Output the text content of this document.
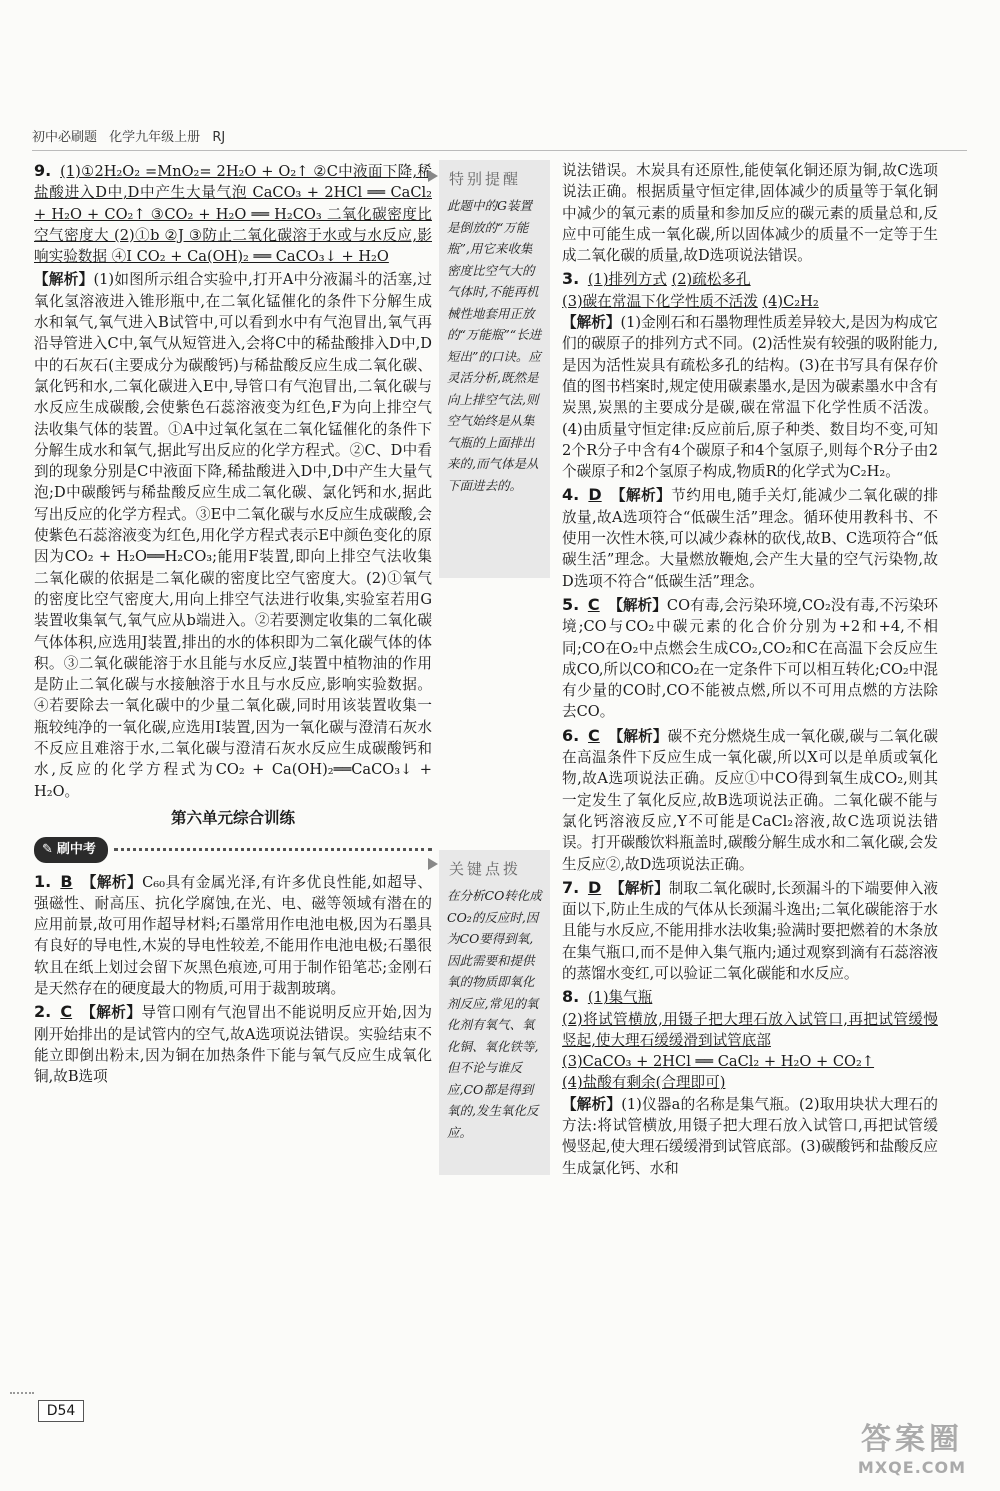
初中必刷题 化学九年级上册 RJ
9. (1)①2H₂O₂ =MnO₂= 2H₂O + O₂↑ ②C中液面下降,稀盐酸进入D中,D中产生大量气泡 CaCO₃ + 2HCl ══ CaCl₂ + H₂O + CO₂↑ ③CO₂ + H₂O ══ H₂CO₃ 二氧化碳密度比空气密度大 (2)①b ②J ③防止二氧化碳溶于水或与水反应,影响实验数据 ④I CO₂ + Ca(OH)₂ ══ CaCO₃↓ + H₂O
【解析】(1)如图所示组合实验中,打开A中分液漏斗的活塞,过氧化氢溶液进入锥形瓶中,在二氧化锰催化的条件下分解生成水和氧气,氧气进入B试管中,可以看到水中有气泡冒出,氧气再沿导管进入C中,氧气从短管进入,会将C中的稀盐酸排入D中,D中的石灰石(主要成分为碳酸钙)与稀盐酸反应生成二氧化碳、氯化钙和水,二氧化碳进入E中,导管口有气泡冒出,二氧化碳与水反应生成碳酸,会使紫色石蕊溶液变为红色,F为向上排空气法收集气体的装置。①A中过氧化氢在二氧化锰催化的条件下分解生成水和氧气,据此写出反应的化学方程式。②C、D中看到的现象分别是C中液面下降,稀盐酸进入D中,D中产生大量气泡;D中碳酸钙与稀盐酸反应生成二氧化碳、氯化钙和水,据此写出反应的化学方程式。③E中二氧化碳与水反应生成碳酸,会使紫色石蕊溶液变为红色,用化学方程式表示E中颜色变化的原因为CO₂ + H₂O══H₂CO₃;能用F装置,即向上排空气法收集二氧化碳的依据是二氧化碳的密度比空气密度大。(2)①氧气的密度比空气密度大,用向上排空气法进行收集,实验室若用G装置收集氧气,氧气应从b端进入。②若要测定收集的二氧化碳气体体积,应选用J装置,排出的水的体积即为二氧化碳气体的体积。③二氧化碳能溶于水且能与水反应,J装置中植物油的作用是防止二氧化碳与水接触溶于水且与水反应,影响实验数据。④若要除去一氧化碳中的少量二氧化碳,同时用该装置收集一瓶较纯净的一氧化碳,应选用I装置,因为一氧化碳与澄清石灰水不反应且难溶于水,二氧化碳与澄清石灰水反应生成碳酸钙和水,反应的化学方程式为CO₂ + Ca(OH)₂══CaCO₃↓ + H₂O。
第六单元综合训练
✎ 刷中考
1. B 【解析】C₆₀具有金属光泽,有许多优良性能,如超导、强磁性、耐高压、抗化学腐蚀,在光、电、磁等领域有潜在的应用前景,故可用作超导材料;石墨常用作电池电极,因为石墨具有良好的导电性,木炭的导电性较差,不能用作电池电极;石墨很软且在纸上划过会留下灰黑色痕迹,可用于制作铅笔芯;金刚石是天然存在的硬度最大的物质,可用于裁割玻璃。
2. C 【解析】导管口刚有气泡冒出不能说明反应开始,因为刚开始排出的是试管内的空气,故A选项说法错误。实验结束不能立即倒出粉末,因为铜在加热条件下能与氧气反应生成氧化铜,故B选项
特别提醒
此题中的G装置是倒放的“万能瓶”,用它来收集密度比空气大的气体时,不能再机械性地套用正放的“万能瓶”“长进短出”的口诀。应灵活分析,既然是向上排空气法,则空气始终是从集气瓶的上面排出来的,而气体是从下面进去的。
关键点拨
在分析CO转化成CO₂的反应时,因为CO要得到氧,因此需要和提供氧的物质即氧化剂反应,常见的氧化剂有氧气、氧化铜、氧化铁等,但不论与谁反应,CO都是得到氧的,发生氧化反应。
说法错误。木炭具有还原性,能使氧化铜还原为铜,故C选项说法正确。根据质量守恒定律,固体减少的质量等于氧化铜中减少的氧元素的质量和参加反应的碳元素的质量总和,反应中可能生成一氧化碳,所以固体减少的质量不一定等于生成二氧化碳的质量,故D选项说法错误。
3. (1)排列方式 (2)疏松多孔
(3)碳在常温下化学性质不活泼 (4)C₂H₂
【解析】(1)金刚石和石墨物理性质差异较大,是因为构成它们的碳原子的排列方式不同。(2)活性炭有较强的吸附能力,是因为活性炭具有疏松多孔的结构。(3)在书写具有保存价值的图书档案时,规定使用碳素墨水,是因为碳素墨水中含有炭黑,炭黑的主要成分是碳,碳在常温下化学性质不活泼。(4)由质量守恒定律:反应前后,原子种类、数目均不变,可知2个R分子中含有4个碳原子和4个氢原子,则每个R分子由2个碳原子和2个氢原子构成,物质R的化学式为C₂H₂。
4. D 【解析】节约用电,随手关灯,能减少二氧化碳的排放量,故A选项符合“低碳生活”理念。循环使用教科书、不使用一次性木筷,可以减少森林的砍伐,故B、C选项符合“低碳生活”理念。大量燃放鞭炮,会产生大量的空气污染物,故D选项不符合“低碳生活”理念。
5. C 【解析】CO有毒,会污染环境,CO₂没有毒,不污染环境;CO与CO₂中碳元素的化合价分别为+2和+4,不相同;CO在O₂中点燃会生成CO₂,CO₂和C在高温下会反应生成CO,所以CO和CO₂在一定条件下可以相互转化;CO₂中混有少量的CO时,CO不能被点燃,所以不可用点燃的方法除去CO。
6. C 【解析】碳不充分燃烧生成一氧化碳,碳与二氧化碳在高温条件下反应生成一氧化碳,所以X可以是单质或氧化物,故A选项说法正确。反应①中CO得到氧生成CO₂,则其一定发生了氧化反应,故B选项说法正确。二氧化碳不能与氯化钙溶液反应,Y不可能是CaCl₂溶液,故C选项说法错误。打开碳酸饮料瓶盖时,碳酸分解生成水和二氧化碳,会发生反应②,故D选项说法正确。
7. D 【解析】制取二氧化碳时,长颈漏斗的下端要伸入液面以下,防止生成的气体从长颈漏斗逸出;二氧化碳能溶于水且能与水反应,不能用排水法收集;验满时要把燃着的木条放在集气瓶口,而不是伸入集气瓶内;通过观察到滴有石蕊溶液的蒸馏水变红,可以验证二氧化碳能和水反应。
8. (1)集气瓶
(2)将试管横放,用镊子把大理石放入试管口,再把试管缓慢竖起,使大理石缓缓滑到试管底部
(3)CaCO₃ + 2HCl ══ CaCl₂ + H₂O + CO₂↑
(4)盐酸有剩余(合理即可)
【解析】(1)仪器a的名称是集气瓶。(2)取用块状大理石的方法:将试管横放,用镊子把大理石放入试管口,再把试管缓慢竖起,使大理石缓缓滑到试管底部。(3)碳酸钙和盐酸反应生成氯化钙、水和
D54
答案圈
MXQE.COM
